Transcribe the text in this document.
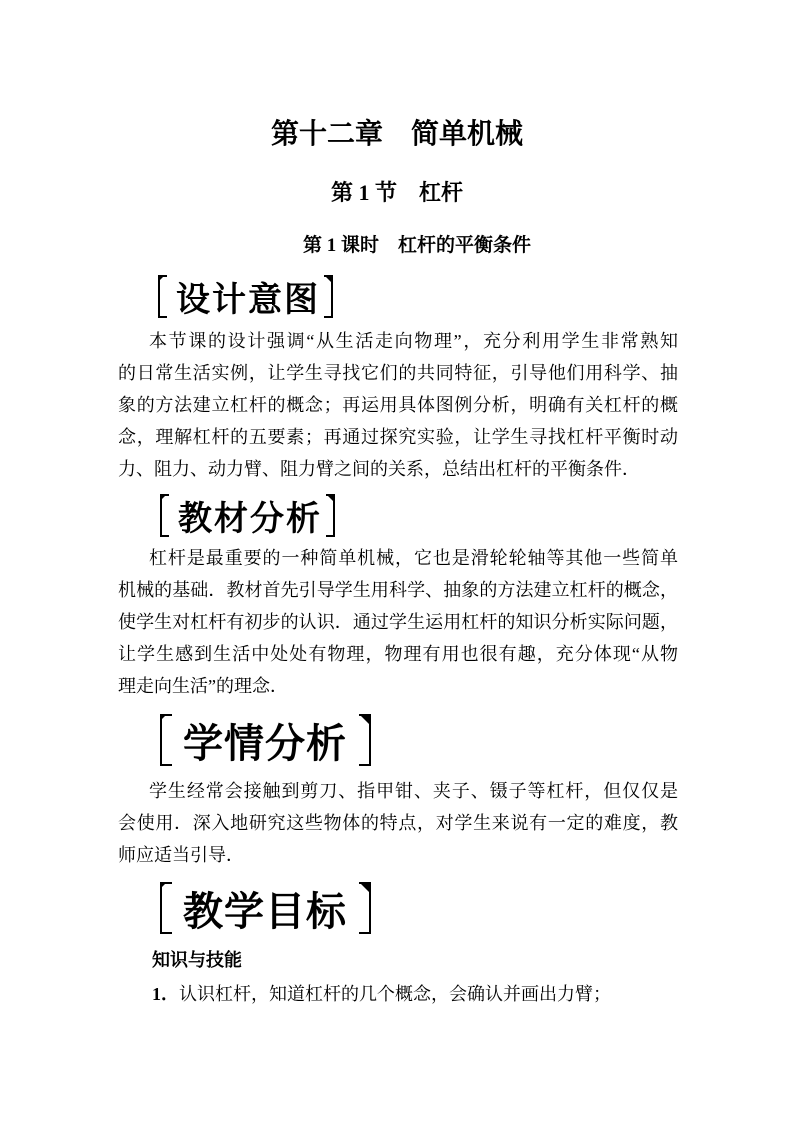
第十二章　简单机械
第 1 节　杠杆
第 1 课时　杠杆的平衡条件
设计意图
本节课的设计强调“从生活走向物理”，充分利用学生非常熟知
的日常生活实例，让学生寻找它们的共同特征，引导他们用科学、抽
象的方法建立杠杆的概念；再运用具体图例分析，明确有关杠杆的概
念，理解杠杆的五要素；再通过探究实验，让学生寻找杠杆平衡时动
力、阻力、动力臂、阻力臂之间的关系，总结出杠杆的平衡条件．
教材分析
杠杆是最重要的一种简单机械，它也是滑轮轮轴等其他一些简单
机械的基础．教材首先引导学生用科学、抽象的方法建立杠杆的概念，
使学生对杠杆有初步的认识．通过学生运用杠杆的知识分析实际问题，
让学生感到生活中处处有物理，物理有用也很有趣，充分体现“从物
理走向生活”的理念．
学情分析
学生经常会接触到剪刀、指甲钳、夹子、镊子等杠杆，但仅仅是
会使用．深入地研究这些物体的特点，对学生来说有一定的难度，教
师应适当引导．
教学目标
知识与技能
1．认识杠杆，知道杠杆的几个概念，会确认并画出力臂；
